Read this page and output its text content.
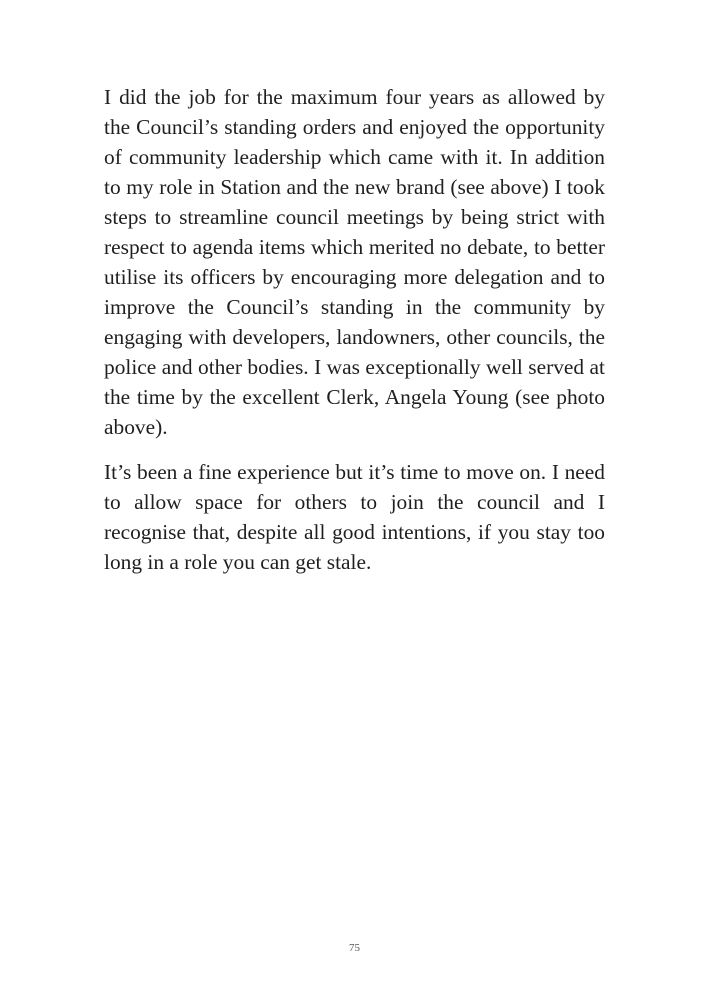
I did the job for the maximum four years as allowed by the Council’s standing orders and enjoyed the opportunity of community leadership which came with it. In addition to my role in Station and the new brand (see above) I took steps to streamline council meetings by being strict with respect to agenda items which merited no debate, to better utilise its officers by encouraging more delegation and to improve the Council’s standing in the community by engaging with developers, landowners, other councils, the police and other bodies. I was exceptionally well served at the time by the excellent Clerk, Angela Young (see photo above).

It’s been a fine experience but it’s time to move on. I need to allow space for others to join the council and I recognise that, despite all good intentions, if you stay too long in a role you can get stale.

75
